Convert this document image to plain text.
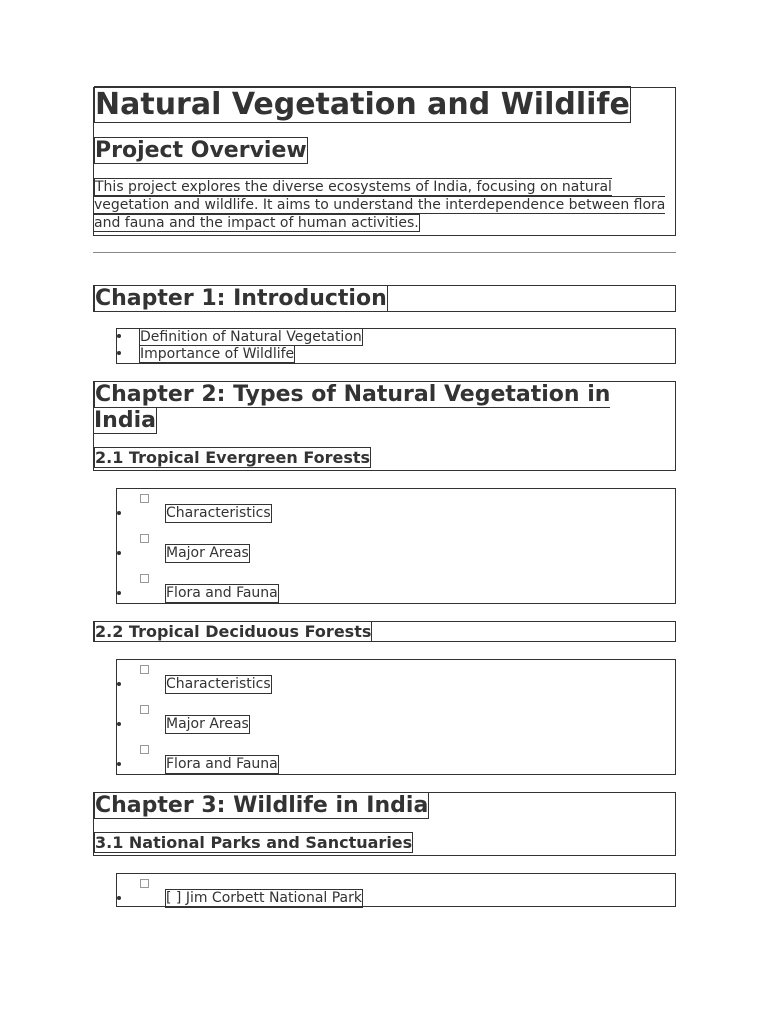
Natural Vegetation and Wildlife
Project Overview

This project explores the diverse ecosystems of India, focusing on natural vegetation and wildlife. It aims to understand the interdependence between flora and fauna and the impact of human activities.

Chapter 1: Introduction
Definition of Natural Vegetation
Importance of Wildlife
Chapter 2: Types of Natural Vegetation in India
2.1 Tropical Evergreen Forests
Characteristics
Major Areas
Flora and Fauna
2.2 Tropical Deciduous Forests
Characteristics
Major Areas
Flora and Fauna
Chapter 3: Wildlife in India
3.1 National Parks and Sanctuaries
[ ] Jim Corbett National Park
